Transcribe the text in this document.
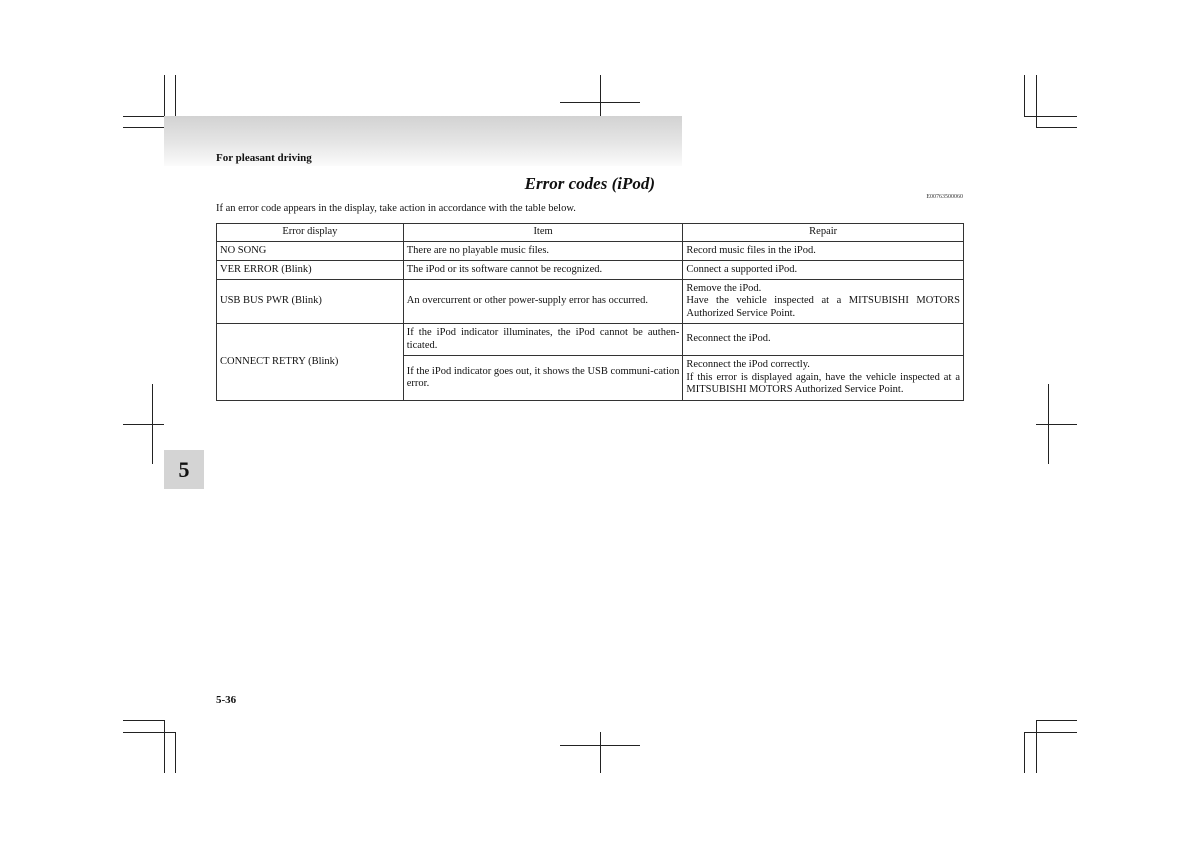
For pleasant driving
Error codes (iPod)
E00763500060
If an error code appears in the display, take action in accordance with the table below.
Error display	Item	Repair
NO SONG	There are no playable music files.	Record music files in the iPod.
VER ERROR (Blink)	The iPod or its software cannot be recognized.	Connect a supported iPod.
USB BUS PWR (Blink)	An overcurrent or other power-supply error has occurred.	Remove the iPod.
Have the vehicle inspected at a MITSUBISHI MOTORS Authorized Service Point.

CONNECT RETRY (Blink)	If the iPod indicator illuminates, the iPod cannot be authen-ticated.	Reconnect the iPod.
	If the iPod indicator goes out, it shows the USB communi-cation error.	Reconnect the iPod correctly.
If this error is displayed again, have the vehicle inspected at a MITSUBISHI MOTORS Authorized Service Point.
5
5-36
